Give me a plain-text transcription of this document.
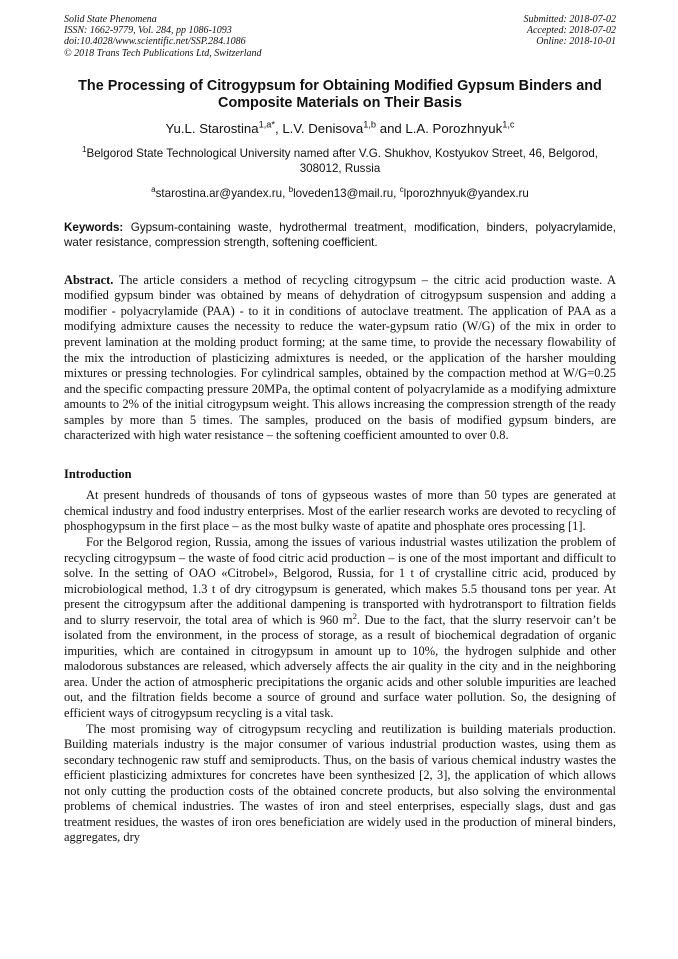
Solid State Phenomena
ISSN: 1662-9779, Vol. 284, pp 1086-1093
doi:10.4028/www.scientific.net/SSP.284.1086
© 2018 Trans Tech Publications Ltd, Switzerland
Submitted: 2018-07-02
Accepted: 2018-07-02
Online: 2018-10-01
The Processing of Citrogypsum for Obtaining Modified Gypsum Binders and Composite Materials on Their Basis
Yu.L. Starostina$^{1,a*}$, L.V. Denisova$^{1,b}$ and L.A. Porozhnyuk$^{1,c}$
$^1$Belgorod State Technological University named after V.G. Shukhov, Kostyukov Street, 46, Belgorod, 308012, Russia
$^a$starostina.ar@yandex.ru, $^b$loveden13@mail.ru, $^c$lporozhnyuk@yandex.ru
Keywords: Gypsum-containing waste, hydrothermal treatment, modification, binders, polyacrylamide, water resistance, compression strength, softening coefficient.
Abstract. The article considers a method of recycling citrogypsum – the citric acid production waste. A modified gypsum binder was obtained by means of dehydration of citrogypsum suspension and adding a modifier - polyacrylamide (PAA) - to it in conditions of autoclave treatment. The application of PAA as a modifying admixture causes the necessity to reduce the water-gypsum ratio (W/G) of the mix in order to prevent lamination at the molding product forming; at the same time, to provide the necessary flowability of the mix the introduction of plasticizing admixtures is needed, or the application of the harsher moulding mixtures or pressing technologies. For cylindrical samples, obtained by the compaction method at W/G=0.25 and the specific compacting pressure 20MPa, the optimal content of polyacrylamide as a modifying admixture amounts to 2% of the initial citrogypsum weight. This allows increasing the compression strength of the ready samples by more than 5 times. The samples, produced on the basis of modified gypsum binders, are characterized with high water resistance – the softening coefficient amounted to over 0.8.
Introduction
At present hundreds of thousands of tons of gypseous wastes of more than 50 types are generated at chemical industry and food industry enterprises. Most of the earlier research works are devoted to recycling of phosphogypsum in the first place – as the most bulky waste of apatite and phosphate ores processing [1].
For the Belgorod region, Russia, among the issues of various industrial wastes utilization the problem of recycling citrogypsum – the waste of food citric acid production – is one of the most important and difficult to solve. In the setting of OAO «Citrobel», Belgorod, Russia, for 1 t of crystalline citric acid, produced by microbiological method, 1.3 t of dry citrogypsum is generated, which makes 5.5 thousand tons per year. At present the citrogypsum after the additional dampening is transported with hydrotransport to filtration fields and to slurry reservoir, the total area of which is 960 $m^2$. Due to the fact, that the slurry reservoir can’t be isolated from the environment, in the process of storage, as a result of biochemical degradation of organic impurities, which are contained in citrogypsum in amount up to 10%, the hydrogen sulphide and other malodorous substances are released, which adversely affects the air quality in the city and in the neighboring area. Under the action of atmospheric precipitations the organic acids and other soluble impurities are leached out, and the filtration fields become a source of ground and surface water pollution. So, the designing of efficient ways of citrogypsum recycling is a vital task.
The most promising way of citrogypsum recycling and reutilization is building materials production. Building materials industry is the major consumer of various industrial production wastes, using them as secondary technogenic raw stuff and semiproducts. Thus, on the basis of various chemical industry wastes the efficient plasticizing admixtures for concretes have been synthesized [2, 3], the application of which allows not only cutting the production costs of the obtained concrete products, but also solving the environmental problems of chemical industries. The wastes of iron and steel enterprises, especially slags, dust and gas treatment residues, the wastes of iron ores beneficiation are widely used in the production of mineral binders, aggregates, dry
